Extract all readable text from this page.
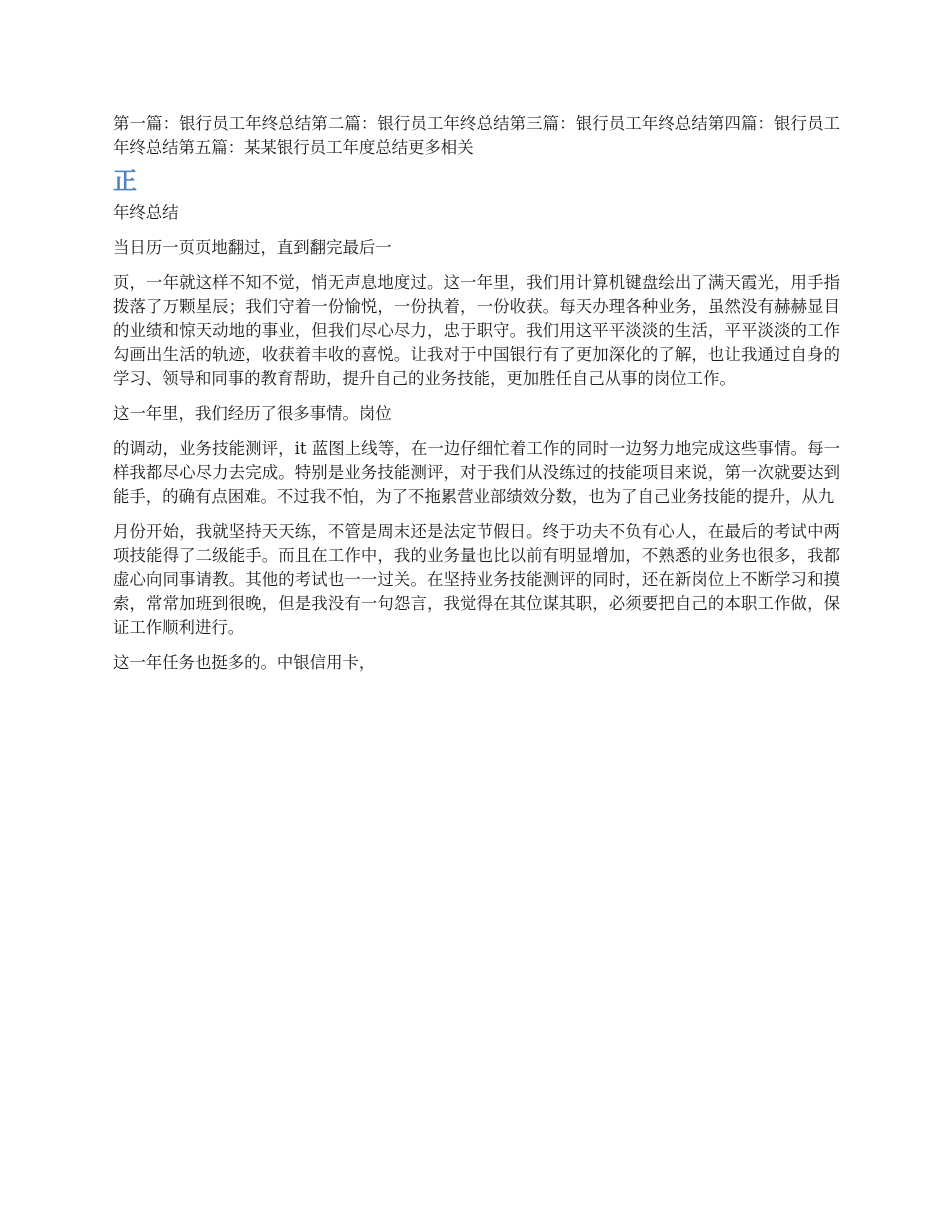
第一篇：银行员工年终总结第二篇：银行员工年终总结第三篇：银行员工年终总结第四篇：银行员工年终总结第五篇：某某银行员工年度总结更多相关

正

年终总结

当日历一页页地翻过，直到翻完最后一

页，一年就这样不知不觉，悄无声息地度过。这一年里，我们用计算机键盘绘出了满天霞光，用手指拨落了万颗星辰；我们守着一份愉悦，一份执着，一份收获。每天办理各种业务，虽然没有赫赫显目的业绩和惊天动地的事业，但我们尽心尽力，忠于职守。我们用这平平淡淡的生活，平平淡淡的工作勾画出生活的轨迹，收获着丰收的喜悦。让我对于中国银行有了更加深化的了解，也让我通过自身的学习、领导和同事的教育帮助，提升自己的业务技能，更加胜任自己从事的岗位工作。

这一年里，我们经历了很多事情。岗位

的调动，业务技能测评，it 蓝图上线等，在一边仔细忙着工作的同时一边努力地完成这些事情。每一样我都尽心尽力去完成。特别是业务技能测评，对于我们从没练过的技能项目来说，第一次就要达到能手，的确有点困难。不过我不怕，为了不拖累营业部绩效分数，也为了自己业务技能的提升，从九

月份开始，我就坚持天天练，不管是周末还是法定节假日。终于功夫不负有心人，在最后的考试中两项技能得了二级能手。而且在工作中，我的业务量也比以前有明显增加，不熟悉的业务也很多，我都虚心向同事请教。其他的考试也一一过关。在坚持业务技能测评的同时，还在新岗位上不断学习和摸索，常常加班到很晚，但是我没有一句怨言，我觉得在其位谋其职，必须要把自己的本职工作做，保证工作顺利进行。

这一年任务也挺多的。中银信用卡，
